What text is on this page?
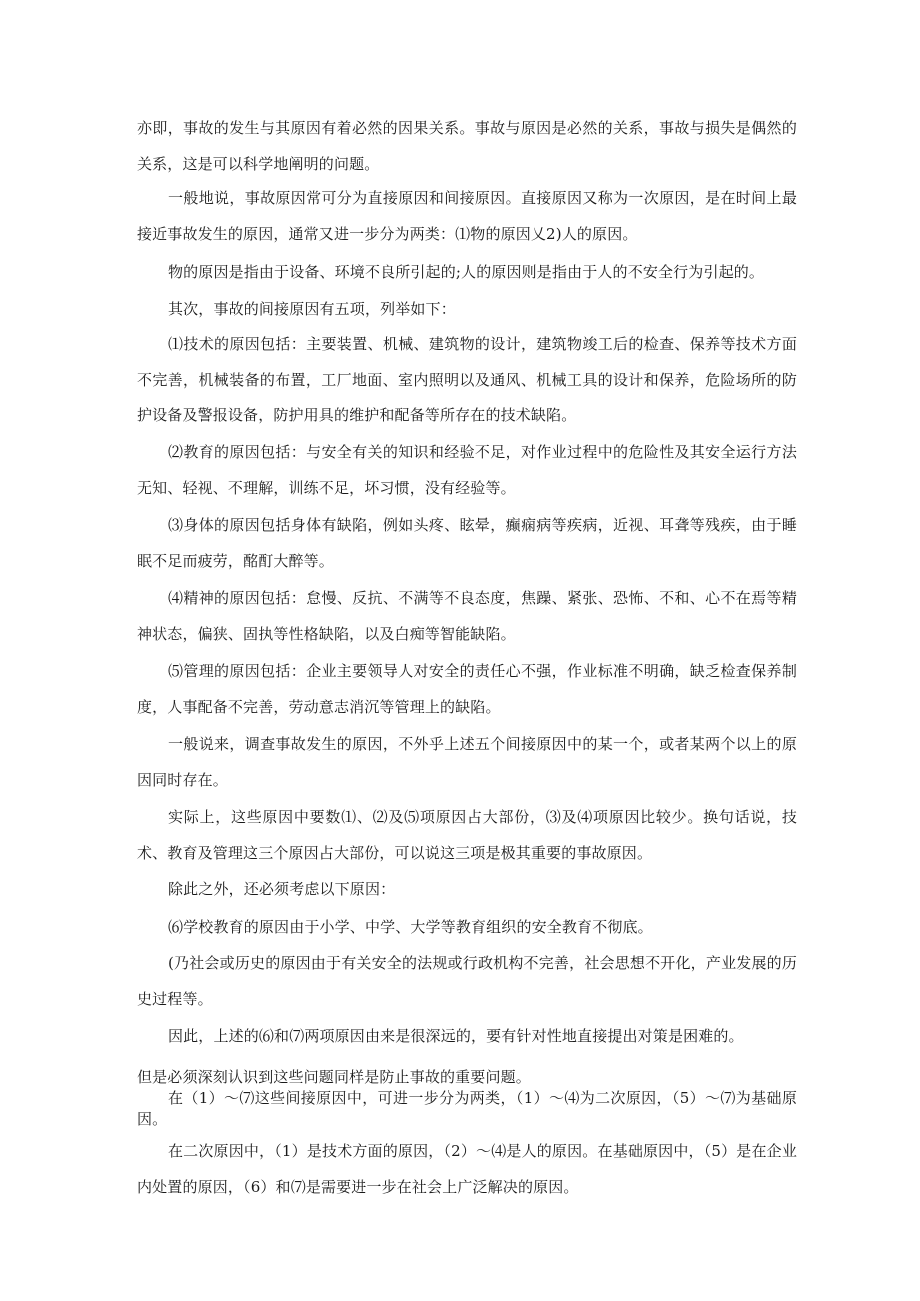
亦即，事故的发生与其原因有着必然的因果关系。事故与原因是必然的关系，事故与损失是偶然的关系，这是可以科学地阐明的问题。

一般地说，事故原因常可分为直接原因和间接原因。直接原因又称为一次原因，是在时间上最接近事故发生的原因，通常又进一步分为两类：⑴物的原因乂2)人的原因。

物的原因是指由于设备、环境不良所引起的;人的原因则是指由于人的不安全行为引起的。

其次，事故的间接原因有五项，列举如下：

⑴技术的原因包括：主要装置、机械、建筑物的设计，建筑物竣工后的检查、保养等技术方面不完善，机械装备的布置，工厂地面、室内照明以及通风、机械工具的设计和保养，危险场所的防护设备及警报设备，防护用具的维护和配备等所存在的技术缺陷。

⑵教育的原因包括：与安全有关的知识和经验不足，对作业过程中的危险性及其安全运行方法无知、轻视、不理解，训练不足，坏习惯，没有经验等。

⑶身体的原因包括身体有缺陷，例如头疼、眩晕，癫痫病等疾病，近视、耳聋等残疾，由于睡眠不足而疲劳，酩酊大醉等。

⑷精神的原因包括：怠慢、反抗、不满等不良态度，焦躁、紧张、恐怖、不和、心不在焉等精神状态，偏狭、固执等性格缺陷，以及白痴等智能缺陷。

⑸管理的原因包括：企业主要领导人对安全的责任心不强，作业标准不明确，缺乏检查保养制度，人事配备不完善，劳动意志消沉等管理上的缺陷。

一般说来，调查事故发生的原因，不外乎上述五个间接原因中的某一个，或者某两个以上的原因同时存在。

实际上，这些原因中要数⑴、⑵及⑸项原因占大部份，⑶及⑷项原因比较少。换句话说，技术、教育及管理这三个原因占大部份，可以说这三项是极其重要的事故原因。

除此之外，还必须考虑以下原因：

⑹学校教育的原因由于小学、中学、大学等教育组织的安全教育不彻底。

(乃社会或历史的原因由于有关安全的法规或行政机构不完善，社会思想不开化，产业发展的历史过程等。

因此，上述的⑹和⑺两项原因由来是很深远的，要有针对性地直接提出对策是困难的。

但是必须深刻认识到这些问题同样是防止事故的重要问题。

在（1）〜⑺这些间接原因中，可进一步分为两类，（1）〜⑷为二次原因，（5）〜⑺为基础原因。

在二次原因中，（1）是技术方面的原因，（2）〜⑷是人的原因。在基础原因中，（5）是在企业内处置的原因，（6）和⑺是需要进一步在社会上广泛解决的原因。
